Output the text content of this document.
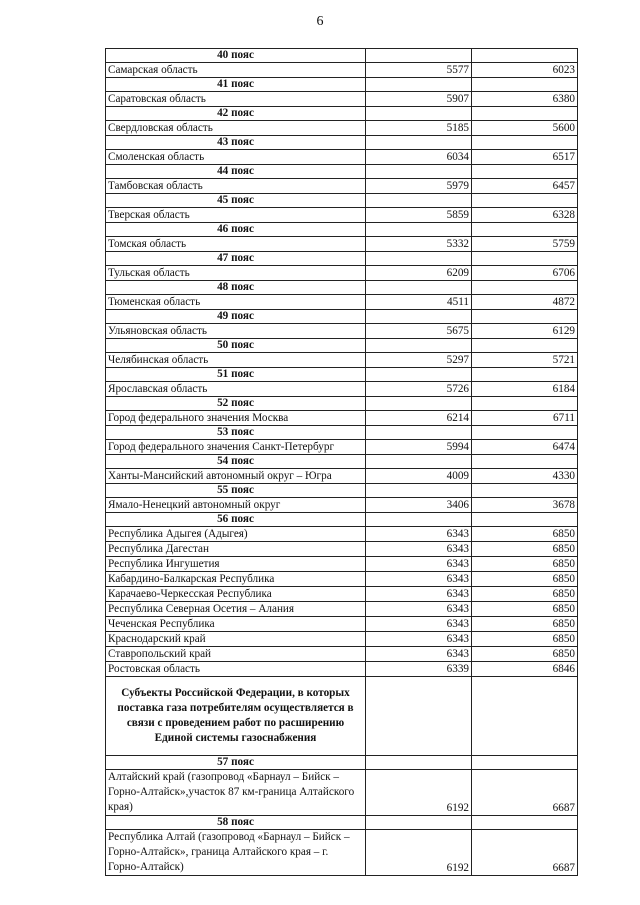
6
40 пояс		
Самарская область	5577	6023
41 пояс		
Саратовская область	5907	6380
42 пояс		
Свердловская область	5185	5600
43 пояс		
Смоленская область	6034	6517
44 пояс		
Тамбовская область	5979	6457
45 пояс		
Тверская область	5859	6328
46 пояс		
Томская область	5332	5759
47 пояс		
Тульская область	6209	6706
48 пояс		
Тюменская область	4511	4872
49 пояс		
Ульяновская область	5675	6129
50 пояс		
Челябинская область	5297	5721
51 пояс		
Ярославская область	5726	6184
52 пояс		
Город федерального значения Москва	6214	6711
53 пояс		
Город федерального значения Санкт-Петербург	5994	6474
54 пояс		
Ханты-Мансийский автономный округ – Югра	4009	4330
55 пояс		
Ямало-Ненецкий автономный округ	3406	3678
56 пояс		
Республика Адыгея (Адыгея)	6343	6850
Республика Дагестан	6343	6850
Республика Ингушетия	6343	6850
Кабардино-Балкарская Республика	6343	6850
Карачаево-Черкесская Республика	6343	6850
Республика Северная Осетия – Алания	6343	6850
Чеченская Республика	6343	6850
Краснодарский край	6343	6850
Ставропольский край	6343	6850
Ростовская область	6339	6846
Субъекты Российской Федерации, в которых поставка газа потребителям осуществляется в связи с проведением работ по расширению Единой системы газоснабжения		
57 пояс		
Алтайский край (газопровод «Барнаул – Бийск – Горно-Алтайск»,участок 87 км-граница Алтайского края)	6192	6687
58 пояс		
Республика Алтай (газопровод «Барнаул – Бийск – Горно-Алтайск», граница Алтайского края – г. Горно-Алтайск)	6192	6687
